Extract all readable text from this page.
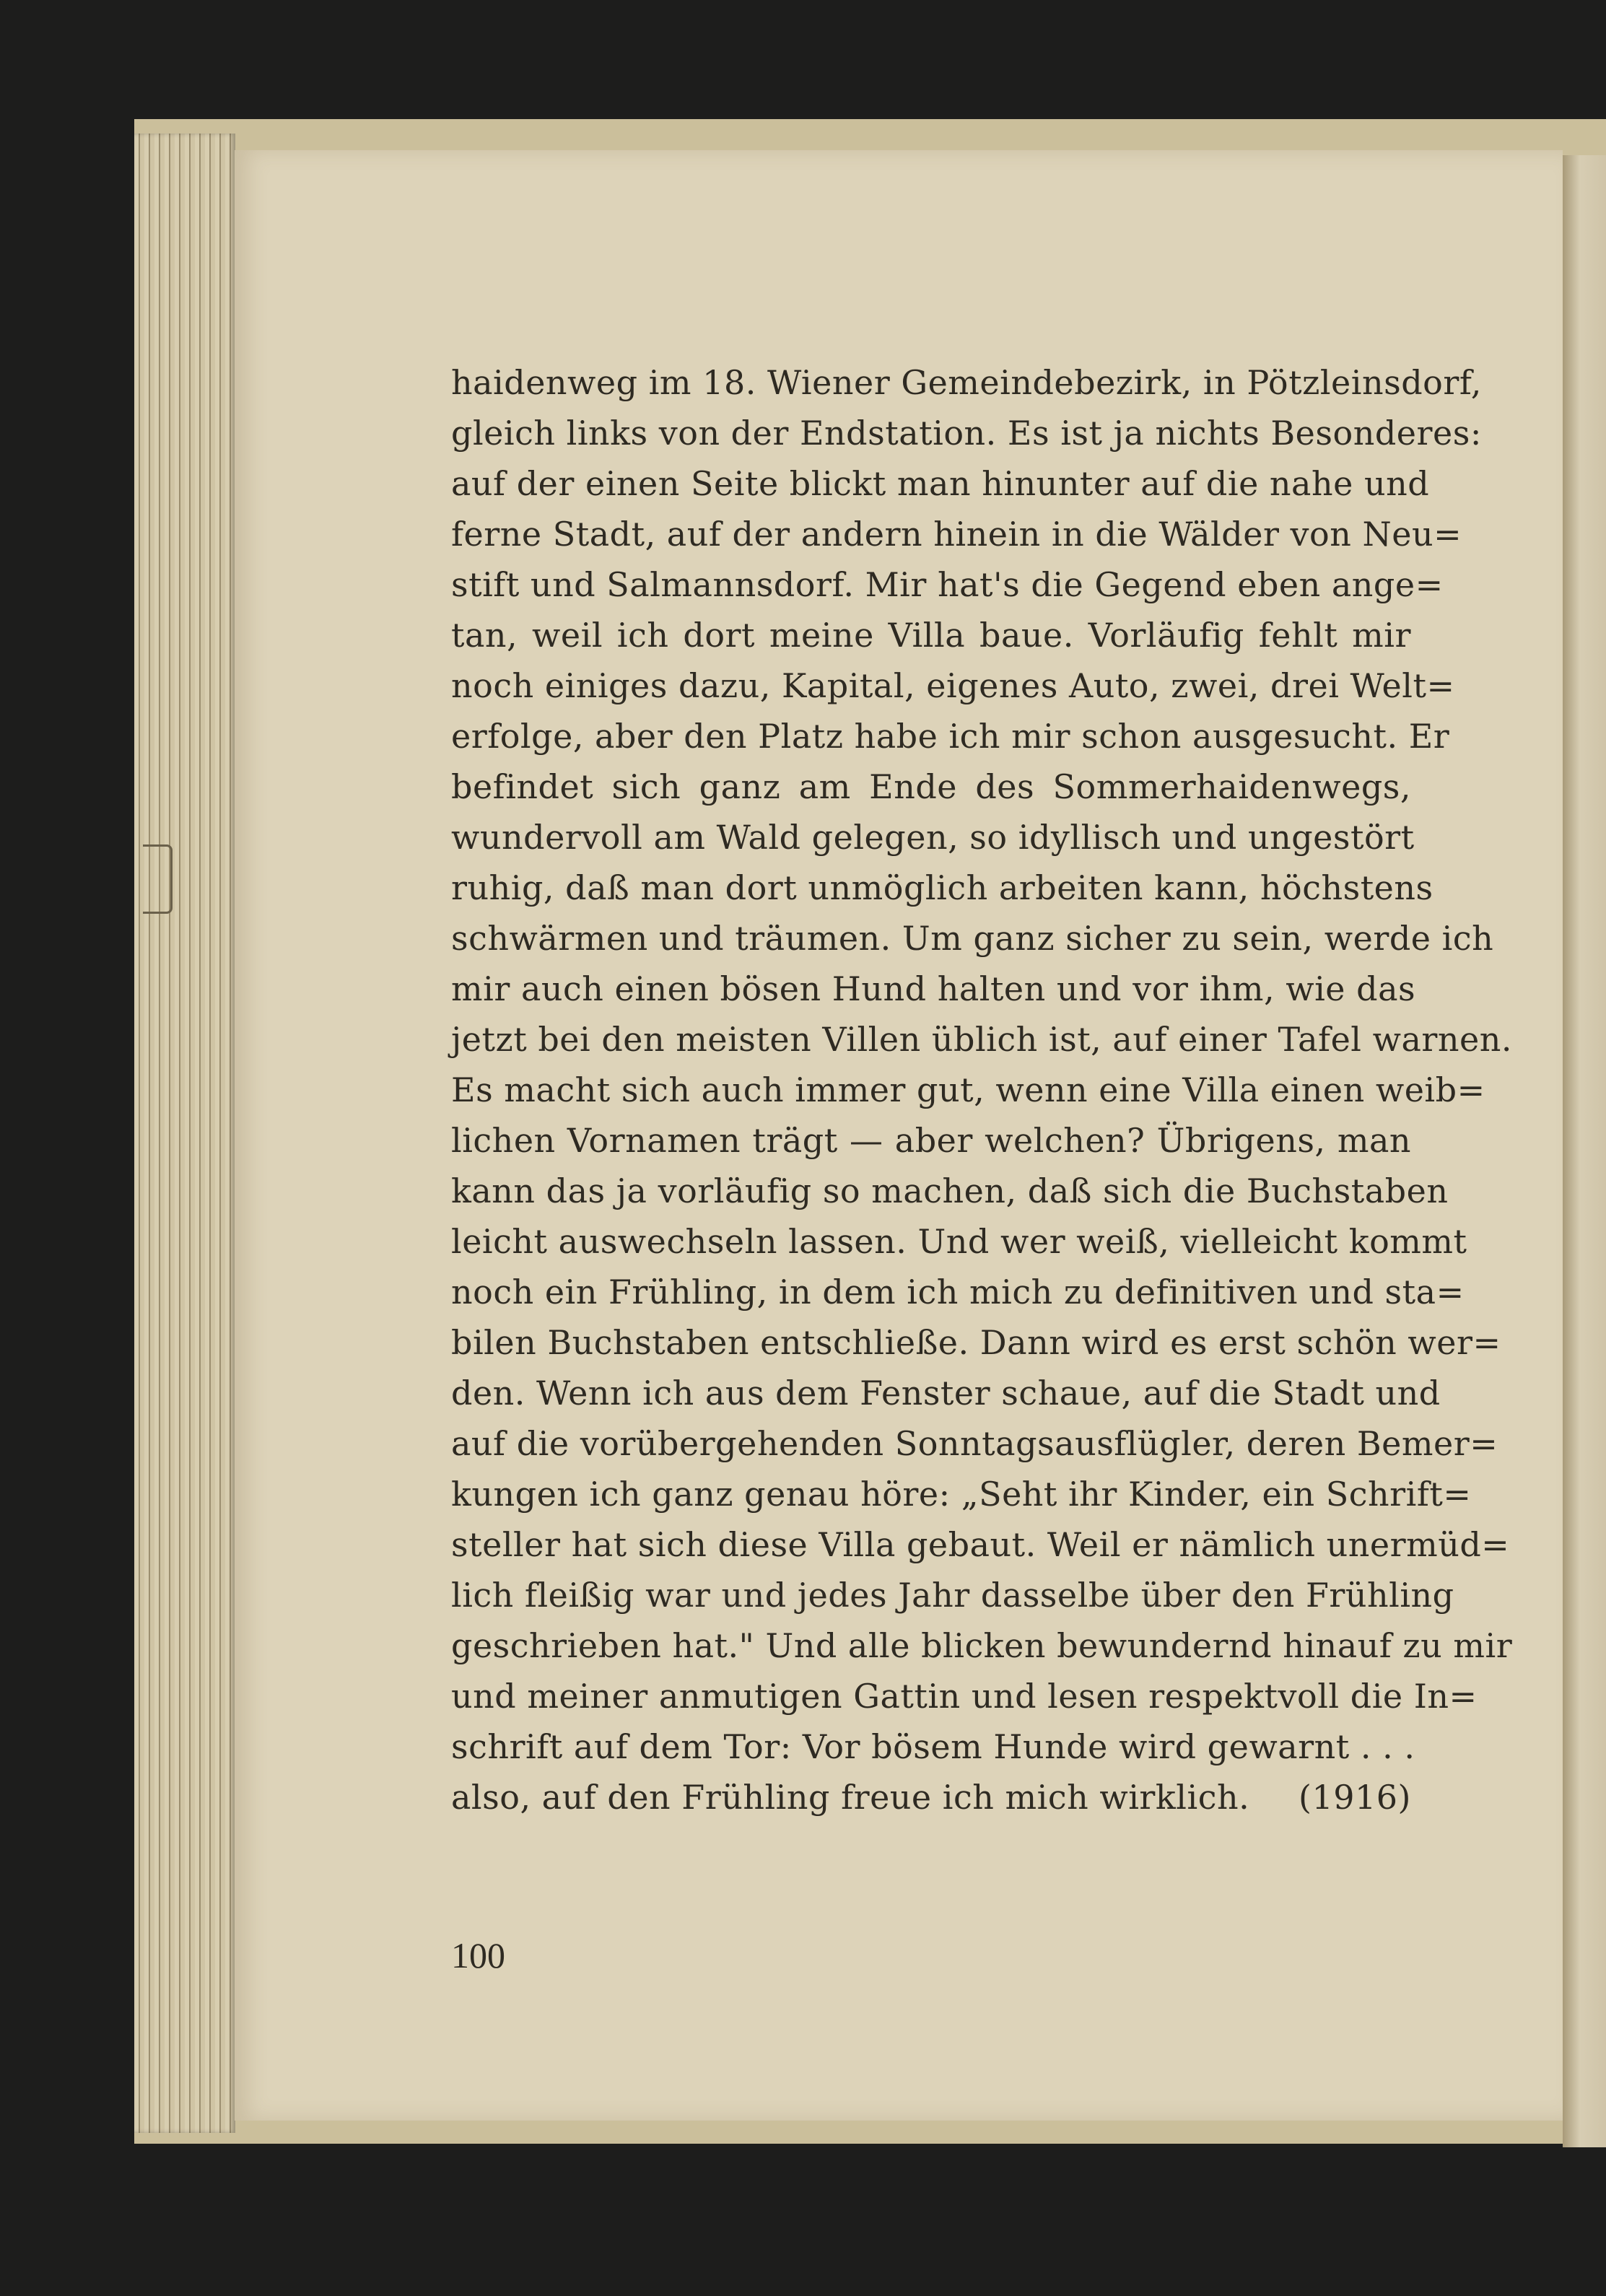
haidenweg im 18. Wiener Gemeindebezirk, in Pötzleinsdorf,
gleich links von der Endstation. Es ist ja nichts Besonderes:
auf der einen Seite blickt man hinunter auf die nahe und
ferne Stadt, auf der andern hinein in die Wälder von Neu=
stift und Salmannsdorf. Mir hat's die Gegend eben ange=
tan, weil ich dort meine Villa baue. Vorläufig fehlt mir
noch einiges dazu, Kapital, eigenes Auto, zwei, drei Welt=
erfolge, aber den Platz habe ich mir schon ausgesucht. Er
befindet sich ganz am Ende des Sommerhaidenwegs,
wundervoll am Wald gelegen, so idyllisch und ungestört
ruhig, daß man dort unmöglich arbeiten kann, höchstens
schwärmen und träumen. Um ganz sicher zu sein, werde ich
mir auch einen bösen Hund halten und vor ihm, wie das
jetzt bei den meisten Villen üblich ist, auf einer Tafel warnen.
Es macht sich auch immer gut, wenn eine Villa einen weib=
lichen Vornamen trägt — aber welchen? Übrigens, man
kann das ja vorläufig so machen, daß sich die Buchstaben
leicht auswechseln lassen. Und wer weiß, vielleicht kommt
noch ein Frühling, in dem ich mich zu definitiven und sta=
bilen Buchstaben entschließe. Dann wird es erst schön wer=
den. Wenn ich aus dem Fenster schaue, auf die Stadt und
auf die vorübergehenden Sonntagsausflügler, deren Bemer=
kungen ich ganz genau höre: „Seht ihr Kinder, ein Schrift=
steller hat sich diese Villa gebaut. Weil er nämlich unermüd=
lich fleißig war und jedes Jahr dasselbe über den Frühling
geschrieben hat." Und alle blicken bewundernd hinauf zu mir
und meiner anmutigen Gattin und lesen respektvoll die In=
schrift auf dem Tor: Vor bösem Hunde wird gewarnt . . .
also, auf den Frühling freue ich mich wirklich. (1916)
100
